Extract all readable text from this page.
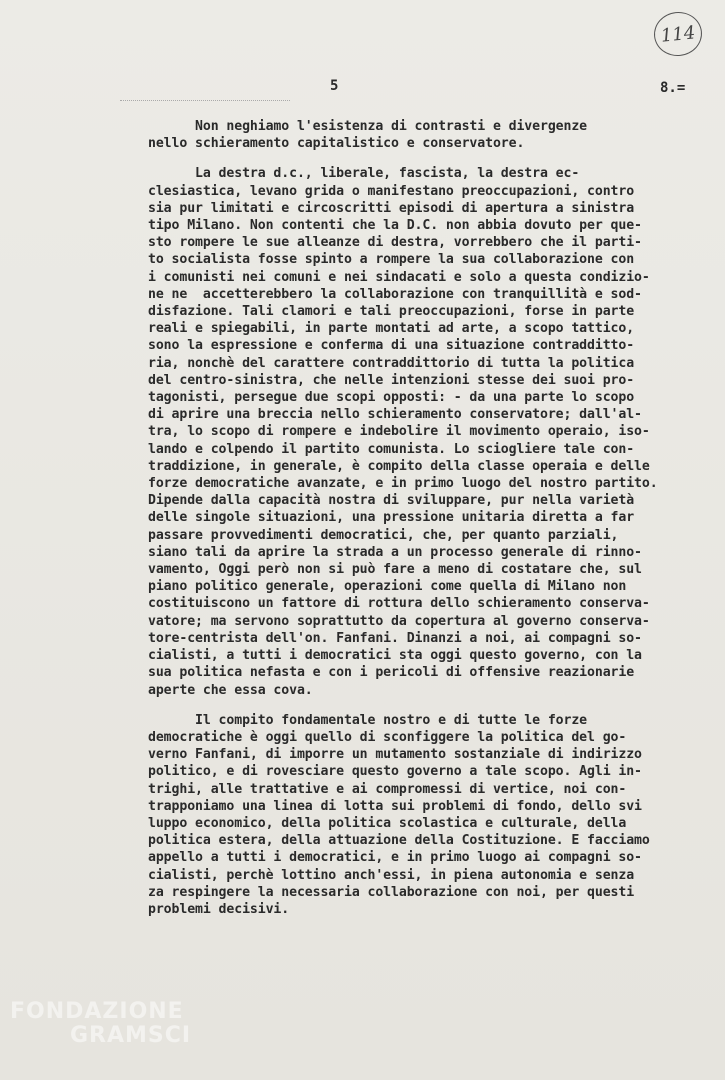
114
5	8.=
Non neghiamo l'esistenza di contrasti e divergenze
nello schieramento capitalistico e conservatore.
La destra d.c., liberale, fascista, la destra ec-
clesiastica, levano grida o manifestano preoccupazioni, contro
sia pur limitati e circoscritti episodi di apertura a sinistra
tipo Milano. Non contenti che la D.C. non abbia dovuto per que-
sto rompere le sue alleanze di destra, vorrebbero che il parti-
to socialista fosse spinto a rompere la sua collaborazione con
i comunisti nei comuni e nei sindacati e solo a questa condizio-
ne ne  accetterebbero la collaborazione con tranquillità e sod-
disfazione. Tali clamori e tali preoccupazioni, forse in parte
reali e spiegabili, in parte montati ad arte, a scopo tattico,
sono la espressione e conferma di una situazione contradditto-
ria, nonchè del carattere contraddittorio di tutta la politica
del centro-sinistra, che nelle intenzioni stesse dei suoi pro-
tagonisti, persegue due scopi opposti: - da una parte lo scopo
di aprire una breccia nello schieramento conservatore; dall'al-
tra, lo scopo di rompere e indebolire il movimento operaio, iso-
lando e colpendo il partito comunista. Lo sciogliere tale con-
traddizione, in generale, è compito della classe operaia e delle
forze democratiche avanzate, e in primo luogo del nostro partito.
Dipende dalla capacità nostra di sviluppare, pur nella varietà
delle singole situazioni, una pressione unitaria diretta a far
passare provvedimenti democratici, che, per quanto parziali,
siano tali da aprire la strada a un processo generale di rinno-
vamento, Oggi però non si può fare a meno di costatare che, sul
piano politico generale, operazioni come quella di Milano non
costituiscono un fattore di rottura dello schieramento conserva-
vatore; ma servono soprattutto da copertura al governo conserva-
tore-centrista dell'on. Fanfani. Dinanzi a noi, ai compagni so-
cialisti, a tutti i democratici sta oggi questo governo, con la
sua politica nefasta e con i pericoli di offensive reazionarie
aperte che essa cova.
Il compito fondamentale nostro e di tutte le forze
democratiche è oggi quello di sconfiggere la politica del go-
verno Fanfani, di imporre un mutamento sostanziale di indirizzo
politico, e di rovesciare questo governo a tale scopo. Agli in-
trighi, alle trattative e ai compromessi di vertice, noi con-
trapponiamo una linea di lotta sui problemi di fondo, dello svi
luppo economico, della politica scolastica e culturale, della
politica estera, della attuazione della Costituzione. E facciamo
appello a tutti i democratici, e in primo luogo ai compagni so-
cialisti, perchè lottino anch'essi, in piena autonomia e senza
za respingere la necessaria collaborazione con noi, per questi
problemi decisivi.
FONDAZIONE
GRAMSCI
